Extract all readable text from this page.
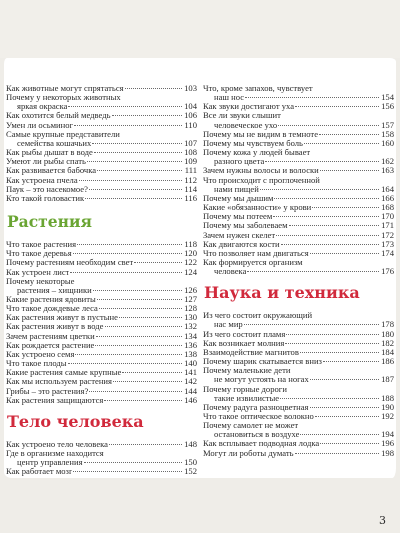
Как животные могут спрятаться	103
Почему у некоторых животных
яркая окраска	104
Как охотится белый медведь	106
Умен ли осьминог	110
Самые крупные представители
семейства кошачьих	107
Как рыбы дышат в воде	108
Умеют ли рыбы спать	109
Как развивается бабочка	111
Как устроена пчела	112
Паук – это насекомое?	114
Кто такой головастик	116
Растения
Что такое растения	118
Что такое деревья	120
Почему растениям необходим свет	122
Как устроен лист	124
Почему некоторые
растения – хищники	126
Какие растения ядовиты	127
Что такое дождевые леса	128
Как растения живут в пустыне	130
Как растения живут в воде	132
Зачем растениям цветки	134
Как рождается растение	136
Как устроено семя	138
Что такое плоды	140
Какие растения самые крупные	141
Как мы используем растения	142
Грибы – это растения?	144
Как растения защищаются	146
Тело человека
Как устроено тело человека	148
Где в организме находится
центр управления	150
Как работает мозг	152
Что, кроме запахов, чувствует
наш нос	154
Как звуки достигают уха	156
Все ли звуки слышит
человеческое ухо	157
Почему мы не видим в темноте	158
Почему мы чувствуем боль	160
Почему кожа у людей бывает
разного цвета	162
Зачем нужны волосы и волоски	163
Что происходит с проглоченной
нами пищей	164
Почему мы дышим	166
Какие «обязанности» у крови	168
Почему мы потеем	170
Почему мы заболеваем	171
Зачем нужен скелет	172
Как двигаются кости	173
Что позволяет нам двигаться	174
Как формируется организм
человека	176
Наука и техника
Из чего состоит окружающий
нас мир	178
Из чего состоит пламя	180
Как возникает молния	182
Взаимодействие магнитов	184
Почему шарик скатывается вниз	186
Почему маленькие дети
не могут устоять на ногах	187
Почему горные дороги
такие извилистые	188
Почему радуга разноцветная	190
Что такое оптическое волокно	192
Почему самолет не может
остановиться в воздухе	194
Как всплывает подводная лодка	196
Могут ли роботы думать	198
3
